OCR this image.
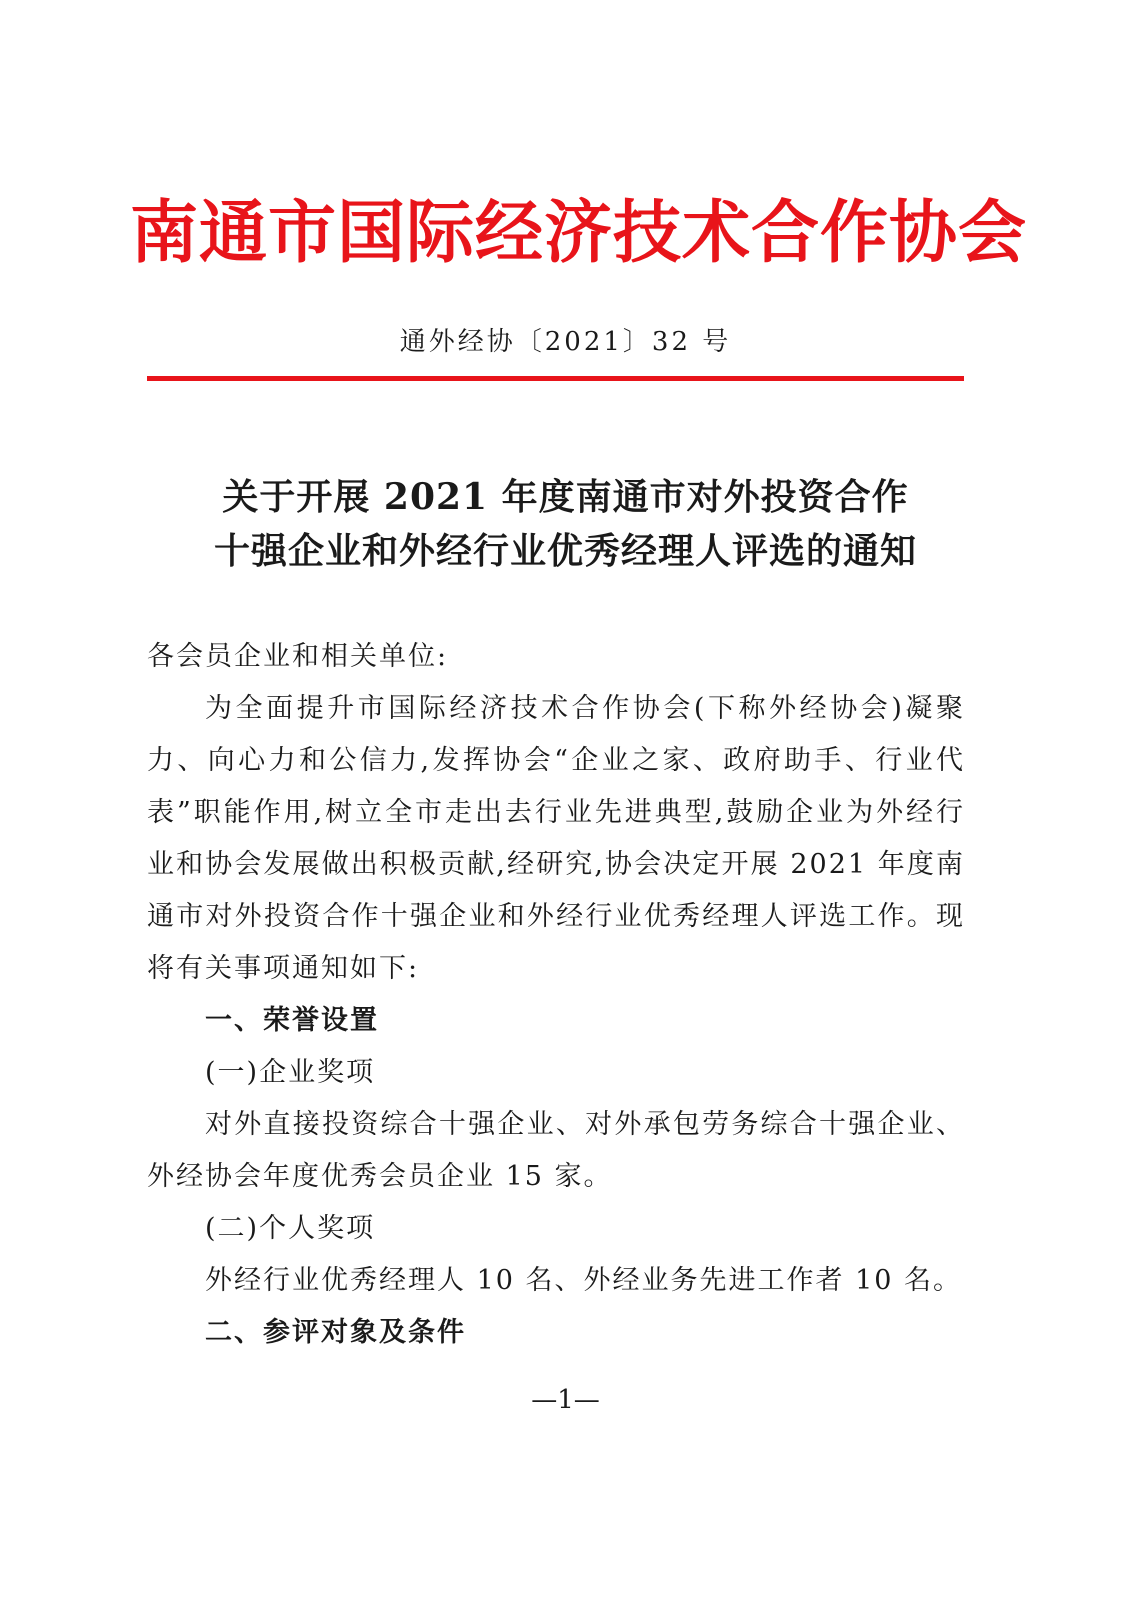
南通市国际经济技术合作协会
通外经协〔2021〕32 号
关于开展 2021 年度南通市对外投资合作
十强企业和外经行业优秀经理人评选的通知

各会员企业和相关单位:

为全面提升市国际经济技术合作协会(下称外经协会)凝聚力、向心力和公信力,发挥协会“企业之家、政府助手、行业代表”职能作用,树立全市走出去行业先进典型,鼓励企业为外经行业和协会发展做出积极贡献,经研究,协会决定开展 2021 年度南通市对外投资合作十强企业和外经行业优秀经理人评选工作。现将有关事项通知如下:

一、荣誉设置

(一)企业奖项

对外直接投资综合十强企业、对外承包劳务综合十强企业、外经协会年度优秀会员企业 15 家。

(二)个人奖项

外经行业优秀经理人 10 名、外经业务先进工作者 10 名。

二、参评对象及条件

—1—
